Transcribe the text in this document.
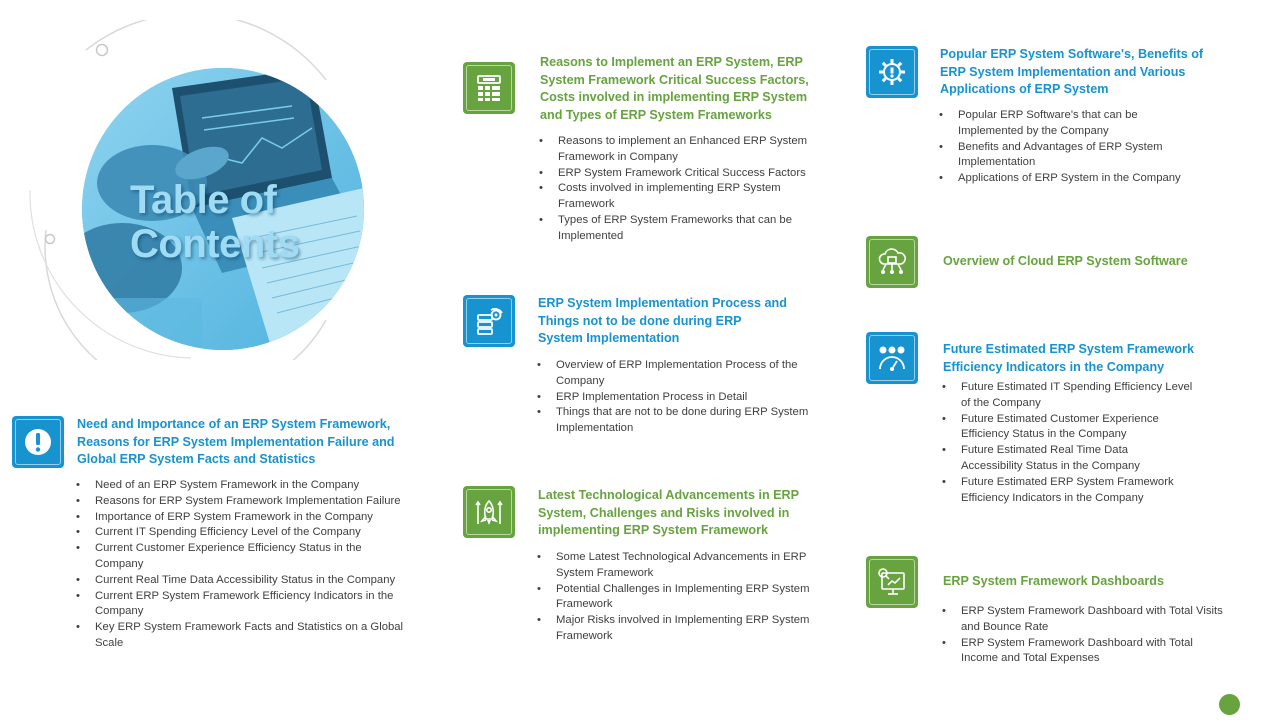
Table of
Contents
Need and Importance of an ERP System Framework, Reasons for ERP System Implementation Failure and Global ERP System Facts and Statistics
• Need of an ERP System Framework in the Company
• Reasons for ERP System Framework Implementation Failure
• Importance of ERP System Framework in the Company
• Current IT Spending Efficiency Level of the Company
• Current Customer Experience Efficiency Status in the Company
• Current Real Time Data Accessibility Status in the Company
• Current ERP System Framework Efficiency Indicators in the Company
• Key ERP System Framework Facts and Statistics on a Global Scale
Reasons to Implement an ERP System, ERP System Framework Critical Success Factors, Costs involved in implementing ERP System and Types of ERP System Frameworks
• Reasons to implement an Enhanced ERP System Framework in Company
• ERP System Framework Critical Success Factors
• Costs involved in implementing ERP System Framework
• Types of ERP System Frameworks that can be Implemented
ERP System Implementation Process and Things not to be done during ERP System Implementation
• Overview of ERP Implementation Process of the Company
• ERP Implementation Process in Detail
• Things that are not to be done during ERP System Implementation
Latest Technological Advancements in ERP System, Challenges and Risks involved in implementing ERP System Framework
• Some Latest Technological Advancements in ERP System Framework
• Potential Challenges in Implementing ERP System Framework
• Major Risks involved in Implementing ERP System Framework
Popular ERP System Software's, Benefits of ERP System Implementation and Various Applications of ERP System
• Popular ERP Software's that can be Implemented by the Company
• Benefits and Advantages of ERP System Implementation
• Applications of ERP System in the Company
Overview of Cloud ERP System Software
Future Estimated ERP System Framework Efficiency Indicators in the Company
• Future Estimated IT Spending Efficiency Level of the Company
• Future Estimated Customer Experience Efficiency Status in the Company
• Future Estimated Real Time Data Accessibility Status in the Company
• Future Estimated ERP System Framework Efficiency Indicators in the Company
ERP System Framework Dashboards
• ERP System Framework Dashboard with Total Visits and Bounce Rate
• ERP System Framework Dashboard with Total Income and Total Expenses
